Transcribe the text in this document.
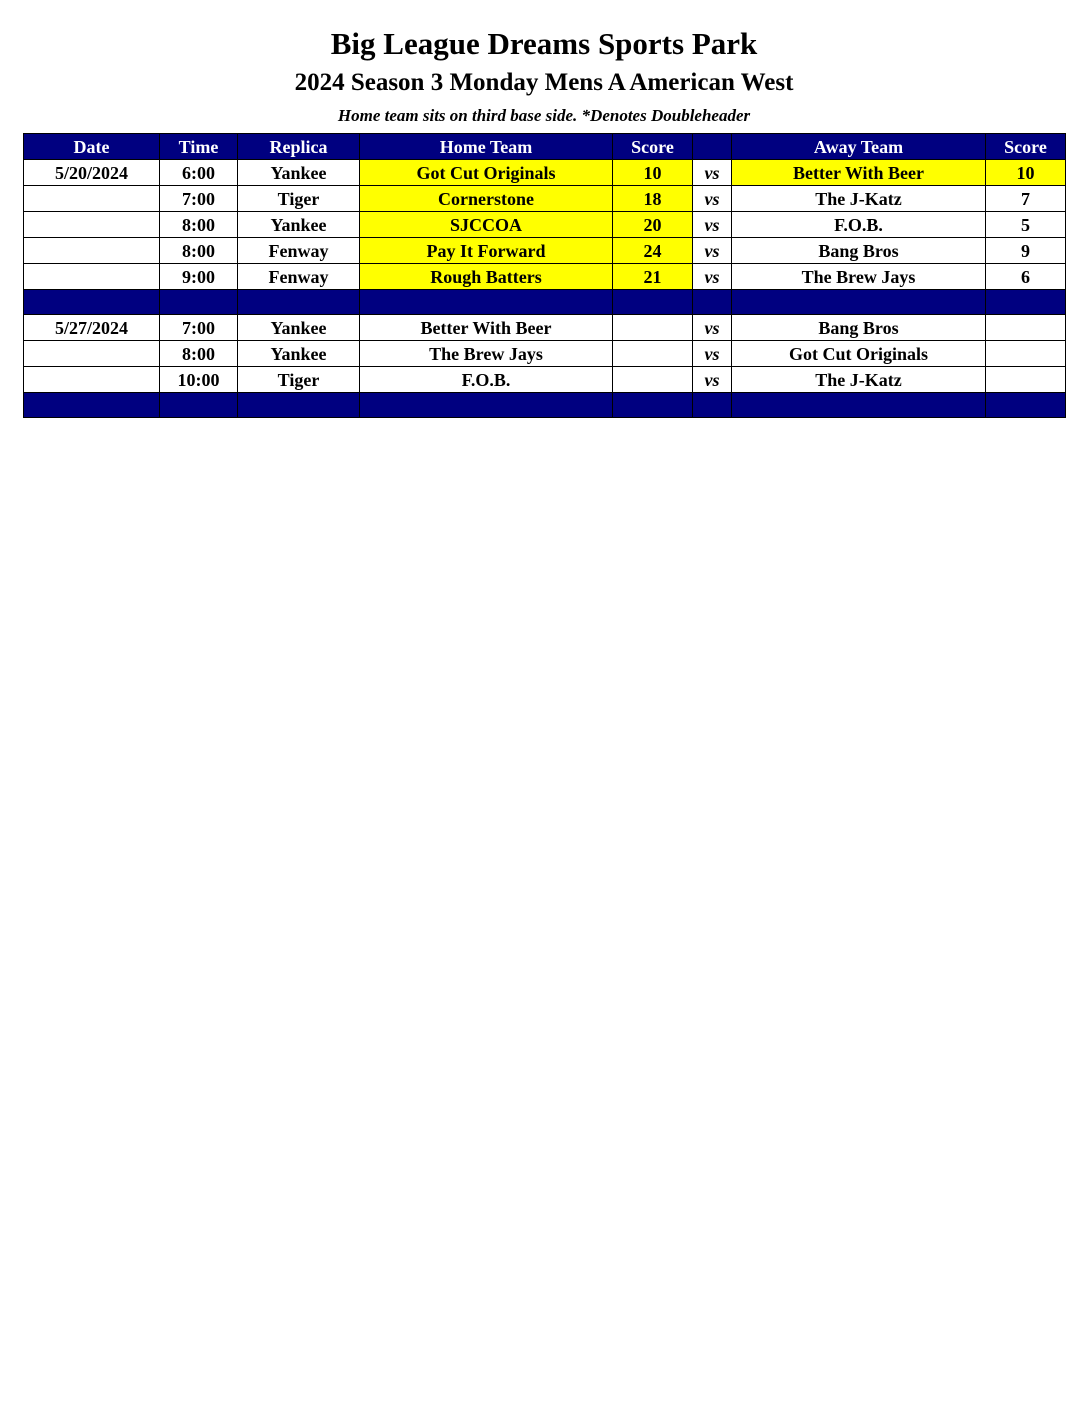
Big League Dreams Sports Park
2024 Season 3 Monday Mens A American West
Home team sits on third base side. *Denotes Doubleheader
Date	Time	Replica	Home Team	Score		Away Team	Score
5/20/2024	6:00	Yankee	Got Cut Originals	10	vs	Better With Beer	10
	7:00	Tiger	Cornerstone	18	vs	The J-Katz	7
	8:00	Yankee	SJCCOA	20	vs	F.O.B.	5
	8:00	Fenway	Pay It Forward	24	vs	Bang Bros	9
	9:00	Fenway	Rough Batters	21	vs	The Brew Jays	6

5/27/2024	7:00	Yankee	Better With Beer		vs	Bang Bros	
	8:00	Yankee	The Brew Jays		vs	Got Cut Originals	
	10:00	Tiger	F.O.B.		vs	The J-Katz	
